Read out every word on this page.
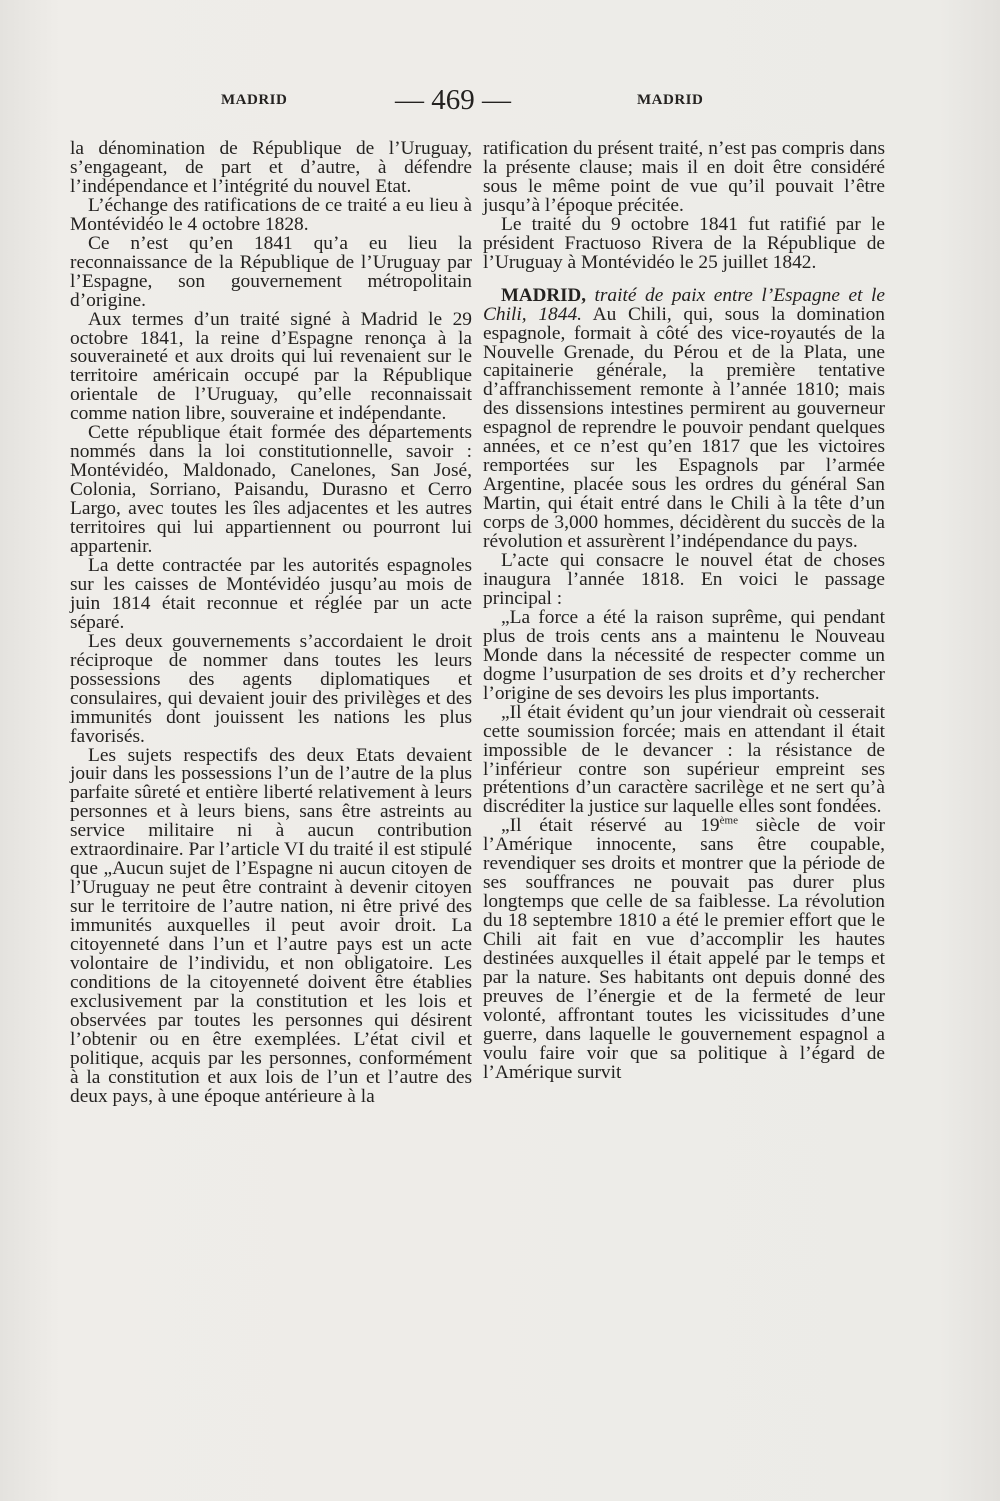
MADRID	— 469 —	MADRID

la dénomination de République de l’Uruguay, s’engageant, de part et d’autre, à défendre l’indépendance et l’intégrité du nouvel Etat.

L’échange des ratifications de ce traité a eu lieu à Montévidéo le 4 octobre 1828.

Ce n’est qu’en 1841 qu’a eu lieu la reconnaissance de la République de l’Uruguay par l’Espagne, son gouvernement métropolitain d’origine.

Aux termes d’un traité signé à Madrid le 29 octobre 1841, la reine d’Espagne renonça à la souveraineté et aux droits qui lui revenaient sur le territoire américain occupé par la République orientale de l’Uruguay, qu’elle reconnaissait comme nation libre, souveraine et indépendante.

Cette république était formée des départements nommés dans la loi constitutionnelle, savoir : Montévidéo, Maldonado, Canelones, San José, Colonia, Sorriano, Paisandu, Durasno et Cerro Largo, avec toutes les îles adjacentes et les autres territoires qui lui appartiennent ou pourront lui appartenir.

La dette contractée par les autorités espagnoles sur les caisses de Montévidéo jusqu’au mois de juin 1814 était reconnue et réglée par un acte séparé.

Les deux gouvernements s’accordaient le droit réciproque de nommer dans toutes les leurs possessions des agents diplomatiques et consulaires, qui devaient jouir des privilèges et des immunités dont jouissent les nations les plus favorisés.

Les sujets respectifs des deux Etats devaient jouir dans les possessions l’un de l’autre de la plus parfaite sûreté et entière liberté relativement à leurs personnes et à leurs biens, sans être astreints au service militaire ni à aucun contribution extraordinaire. Par l’article VI du traité il est stipulé que „Aucun sujet de l’Espagne ni aucun citoyen de l’Uruguay ne peut être contraint à devenir citoyen sur le territoire de l’autre nation, ni être privé des immunités auxquelles il peut avoir droit. La citoyenneté dans l’un et l’autre pays est un acte volontaire de l’individu, et non obligatoire. Les conditions de la citoyenneté doivent être établies exclusivement par la constitution et les lois et observées par toutes les personnes qui désirent l’obtenir ou en être exemplées. L’état civil et politique, acquis par les personnes, conformément à la constitution et aux lois de l’un et l’autre des deux pays, à une époque antérieure à la

ratification du présent traité, n’est pas compris dans la présente clause; mais il en doit être considéré sous le même point de vue qu’il pouvait l’être jusqu’à l’époque précitée.

Le traité du 9 octobre 1841 fut ratifié par le président Fractuoso Rivera de la République de l’Uruguay à Montévidéo le 25 juillet 1842.

MADRID, traité de paix entre l’Espagne et le Chili, 1844. Au Chili, qui, sous la domination espagnole, formait à côté des vice-royautés de la Nouvelle Grenade, du Pérou et de la Plata, une capitainerie générale, la première tentative d’affranchissement remonte à l’année 1810; mais des dissensions intestines permirent au gouverneur espagnol de reprendre le pouvoir pendant quelques années, et ce n’est qu’en 1817 que les victoires remportées sur les Espagnols par l’armée Argentine, placée sous les ordres du général San Martin, qui était entré dans le Chili à la tête d’un corps de 3,000 hommes, décidèrent du succès de la révolution et assurèrent l’indépendance du pays.

L’acte qui consacre le nouvel état de choses inaugura l’année 1818. En voici le passage principal :

„La force a été la raison suprême, qui pendant plus de trois cents ans a maintenu le Nouveau Monde dans la nécessité de respecter comme un dogme l’usurpation de ses droits et d’y rechercher l’origine de ses devoirs les plus importants.

„Il était évident qu’un jour viendrait où cesserait cette soumission forcée; mais en attendant il était impossible de le devancer : la résistance de l’inférieur contre son supérieur empreint ses prétentions d’un caractère sacrilège et ne sert qu’à discréditer la justice sur laquelle elles sont fondées.

„Il était réservé au 19ème siècle de voir l’Amérique innocente, sans être coupable, revendiquer ses droits et montrer que la période de ses souffrances ne pouvait pas durer plus longtemps que celle de sa faiblesse. La révolution du 18 septembre 1810 a été le premier effort que le Chili ait fait en vue d’accomplir les hautes destinées auxquelles il était appelé par le temps et par la nature. Ses habitants ont depuis donné des preuves de l’énergie et de la fermeté de leur volonté, affrontant toutes les vicissitudes d’une guerre, dans laquelle le gouvernement espagnol a voulu faire voir que sa politique à l’égard de l’Amérique survit
